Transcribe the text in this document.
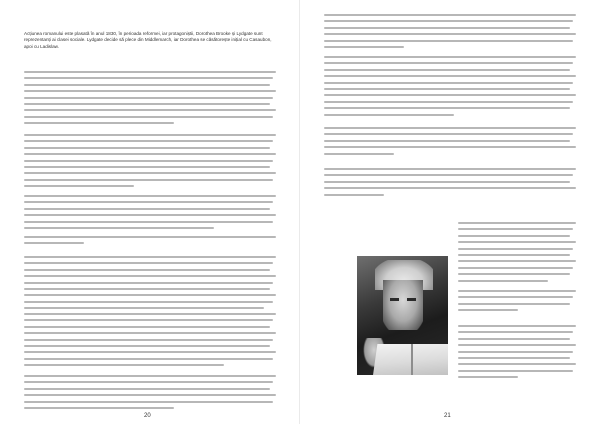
Acțiunea romanului este plasată în anul 1830, în perioada reformei, iar protagoniștii, Dorothea Brooke și Lydgate sunt reprezentanți ai clasei sociale. Lydgate decide să plece din Middlemarch, iar Dorothea se căsătorește inițial cu Casaubon, apoi cu Ladislaw.

20	21
